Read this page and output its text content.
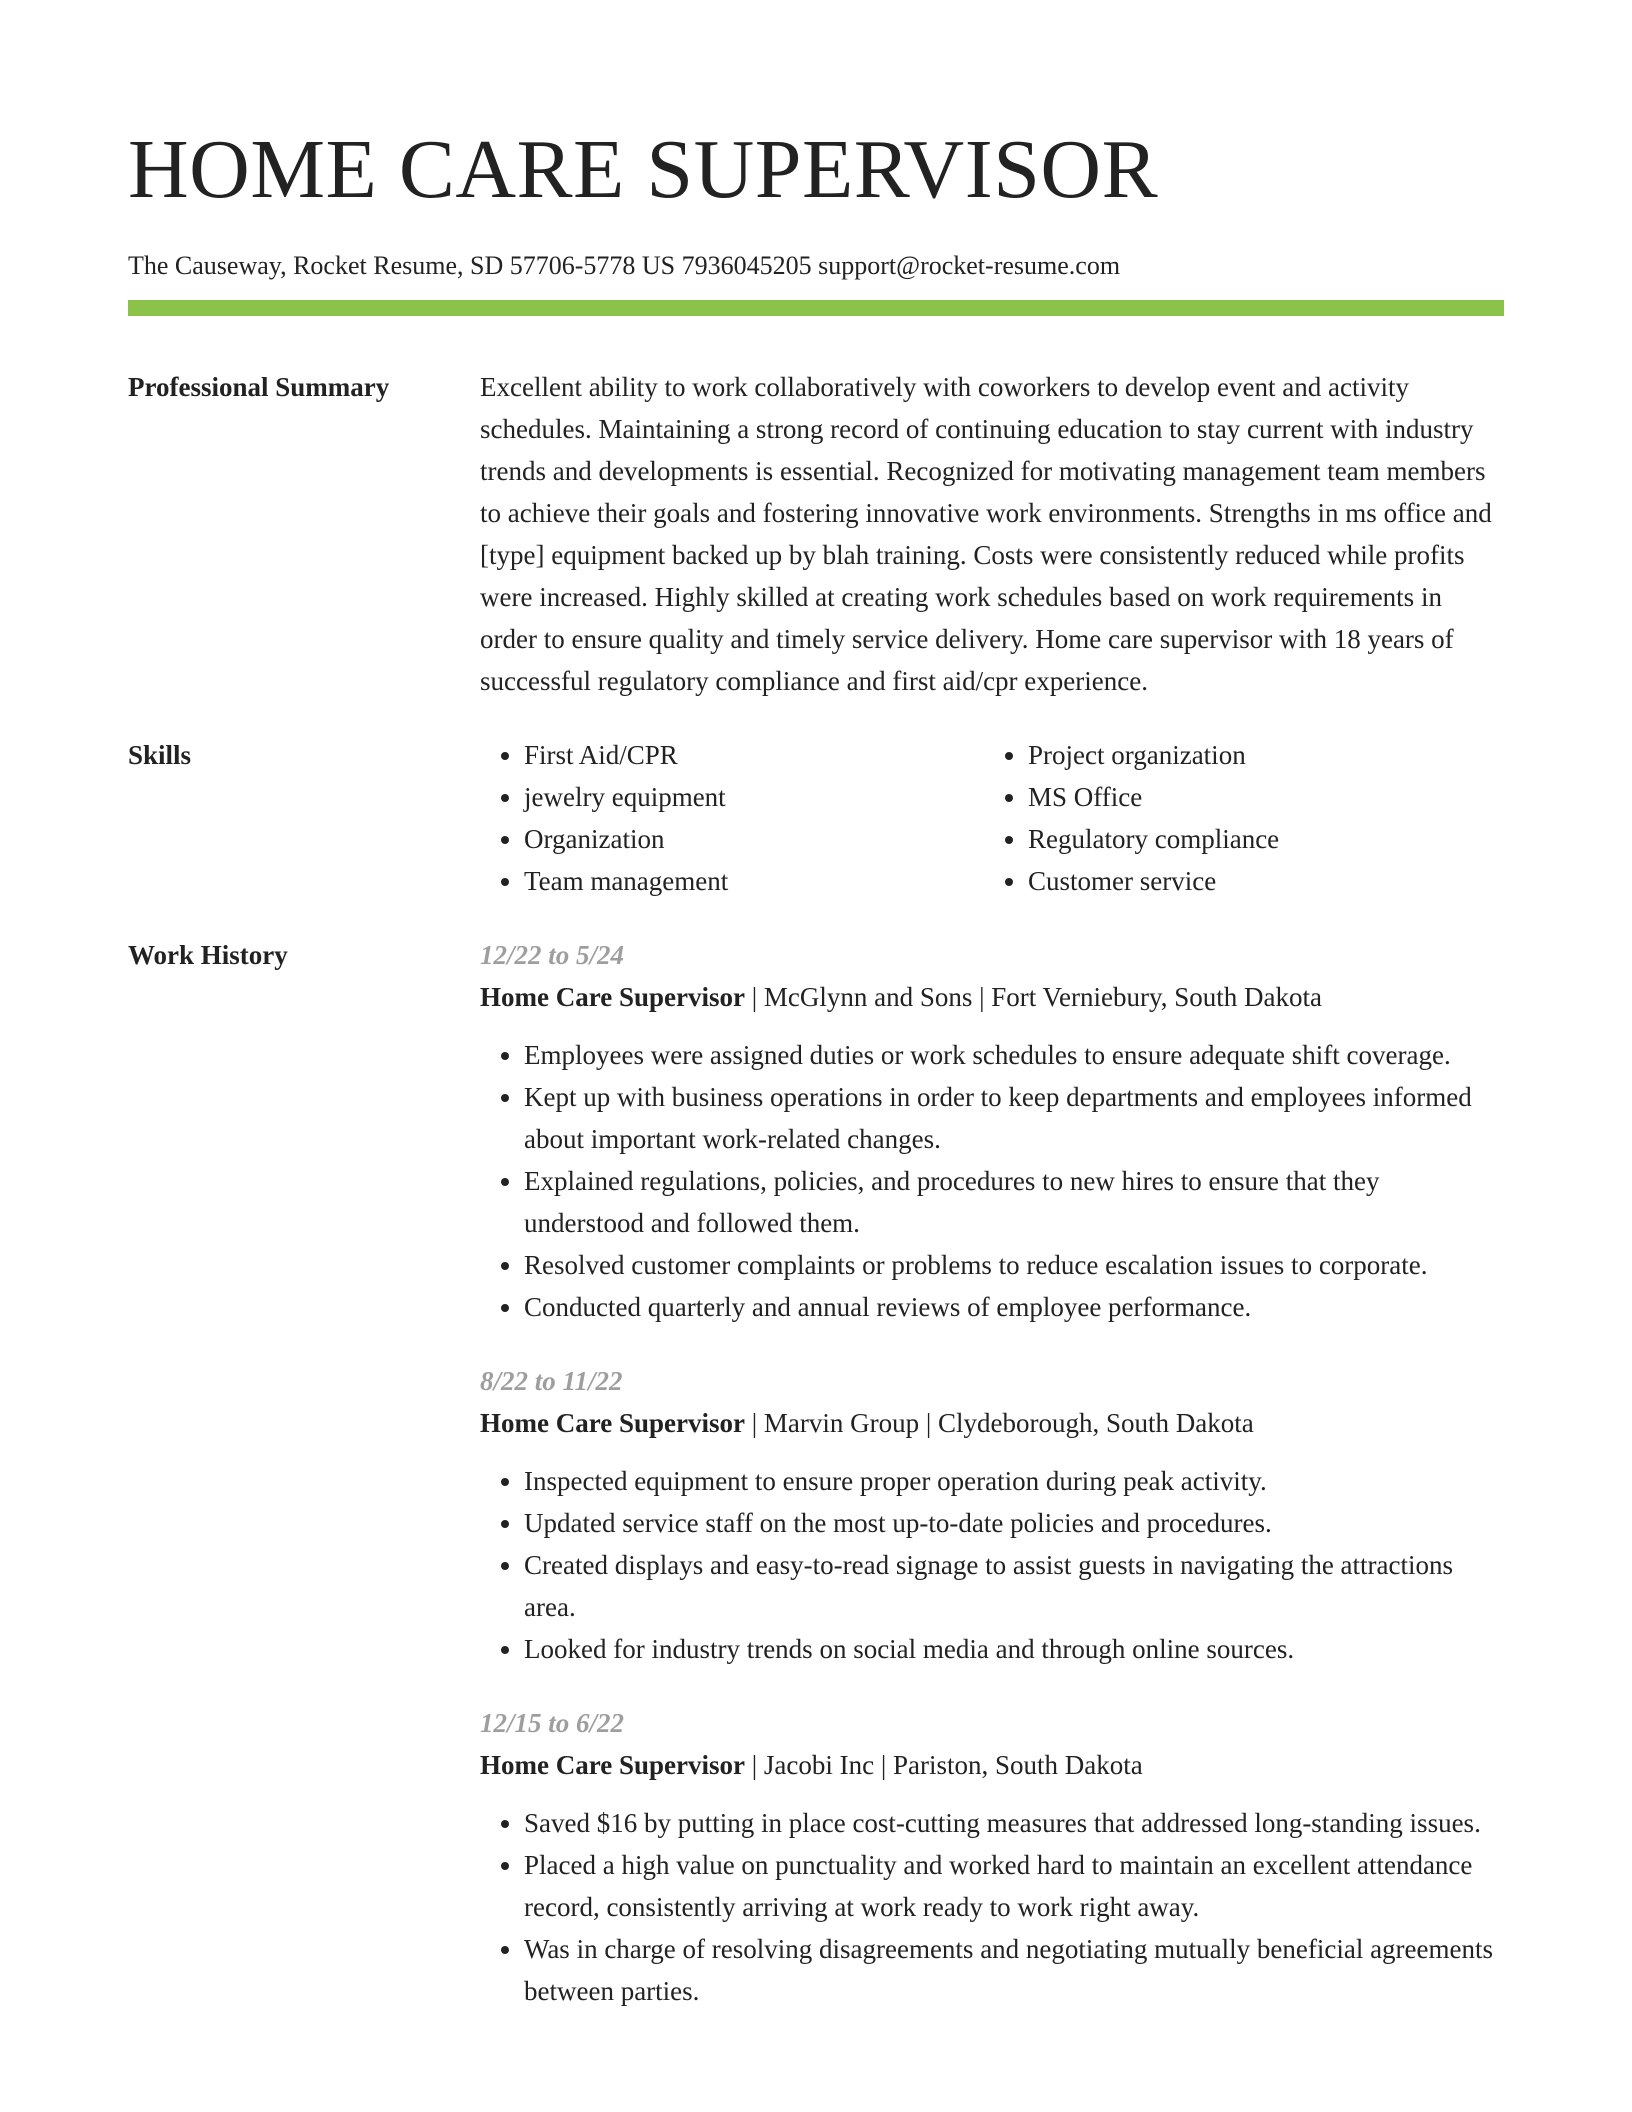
HOME CARE SUPERVISOR
The Causeway, Rocket Resume, SD 57706-5778 US 7936045205 support@rocket-resume.com
Professional Summary	Excellent ability to work collaboratively with coworkers to develop event and activity schedules. Maintaining a strong record of continuing education to stay current with industry trends and developments is essential. Recognized for motivating management team members to achieve their goals and fostering innovative work environments. Strengths in ms office and [type] equipment backed up by blah training. Costs were consistently reduced while profits were increased. Highly skilled at creating work schedules based on work requirements in order to ensure quality and timely service delivery. Home care supervisor with 18 years of successful regulatory compliance and first aid/cpr experience.

Skills
•	First Aid/CPR
• jewelry equipment
• Organization
• Team management
• Project organization
• MS Office
• Regulatory compliance
• Customer service
Work History	12/22 to 5/24
Home Care Supervisor | McGlynn and Sons | Fort Verniebury, South Dakota
• Employees were assigned duties or work schedules to ensure adequate shift coverage.
• Kept up with business operations in order to keep departments and employees informed about important work-related changes.
• Explained regulations, policies, and procedures to new hires to ensure that they understood and followed them.
• Resolved customer complaints or problems to reduce escalation issues to corporate.
• Conducted quarterly and annual reviews of employee performance.
8/22 to 11/22
Home Care Supervisor | Marvin Group | Clydeborough, South Dakota
• Inspected equipment to ensure proper operation during peak activity.
• Updated service staff on the most up-to-date policies and procedures.
• Created displays and easy-to-read signage to assist guests in navigating the attractions area.
• Looked for industry trends on social media and through online sources.
12/15 to 6/22
Home Care Supervisor | Jacobi Inc | Pariston, South Dakota
• Saved $16 by putting in place cost-cutting measures that addressed long-standing issues.
• Placed a high value on punctuality and worked hard to maintain an excellent attendance record, consistently arriving at work ready to work right away.
• Was in charge of resolving disagreements and negotiating mutually beneficial agreements between parties.
